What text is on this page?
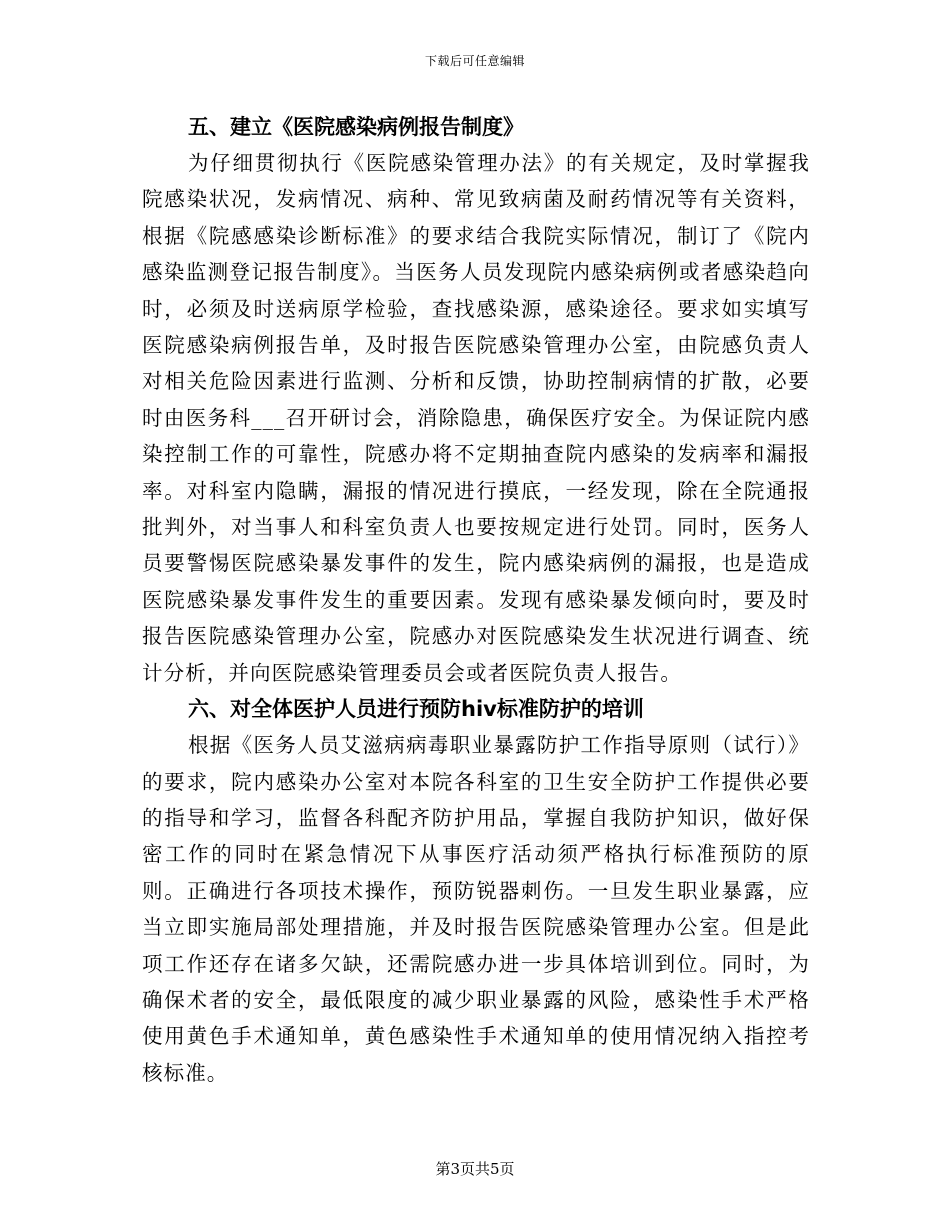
下载后可任意编辑
五、建立《医院感染病例报告制度》

为仔细贯彻执行《医院感染管理办法》的有关规定，及时掌握我院感染状况，发病情况、病种、常见致病菌及耐药情况等有关资料，根据《院感感染诊断标准》的要求结合我院实际情况，制订了《院内感染监测登记报告制度》。当医务人员发现院内感染病例或者感染趋向时，必须及时送病原学检验，查找感染源，感染途径。要求如实填写医院感染病例报告单，及时报告医院感染管理办公室，由院感负责人对相关危险因素进行监测、分析和反馈，协助控制病情的扩散，必要时由医务科___召开研讨会，消除隐患，确保医疗安全。为保证院内感染控制工作的可靠性，院感办将不定期抽查院内感染的发病率和漏报率。对科室内隐瞒，漏报的情况进行摸底，一经发现，除在全院通报批判外，对当事人和科室负责人也要按规定进行处罚。同时，医务人员要警惕医院感染暴发事件的发生，院内感染病例的漏报，也是造成医院感染暴发事件发生的重要因素。发现有感染暴发倾向时，要及时报告医院感染管理办公室，院感办对医院感染发生状况进行调查、统计分析，并向医院感染管理委员会或者医院负责人报告。

六、对全体医护人员进行预防hiv标准防护的培训

根据《医务人员艾滋病病毒职业暴露防护工作指导原则（试行）》的要求，院内感染办公室对本院各科室的卫生安全防护工作提供必要的指导和学习，监督各科配齐防护用品，掌握自我防护知识，做好保密工作的同时在紧急情况下从事医疗活动须严格执行标准预防的原则。正确进行各项技术操作，预防锐器刺伤。一旦发生职业暴露，应当立即实施局部处理措施，并及时报告医院感染管理办公室。但是此项工作还存在诸多欠缺，还需院感办进一步具体培训到位。同时，为确保术者的安全，最低限度的减少职业暴露的风险，感染性手术严格使用黄色手术通知单，黄色感染性手术通知单的使用情况纳入指控考核标准。

第3页共5页
